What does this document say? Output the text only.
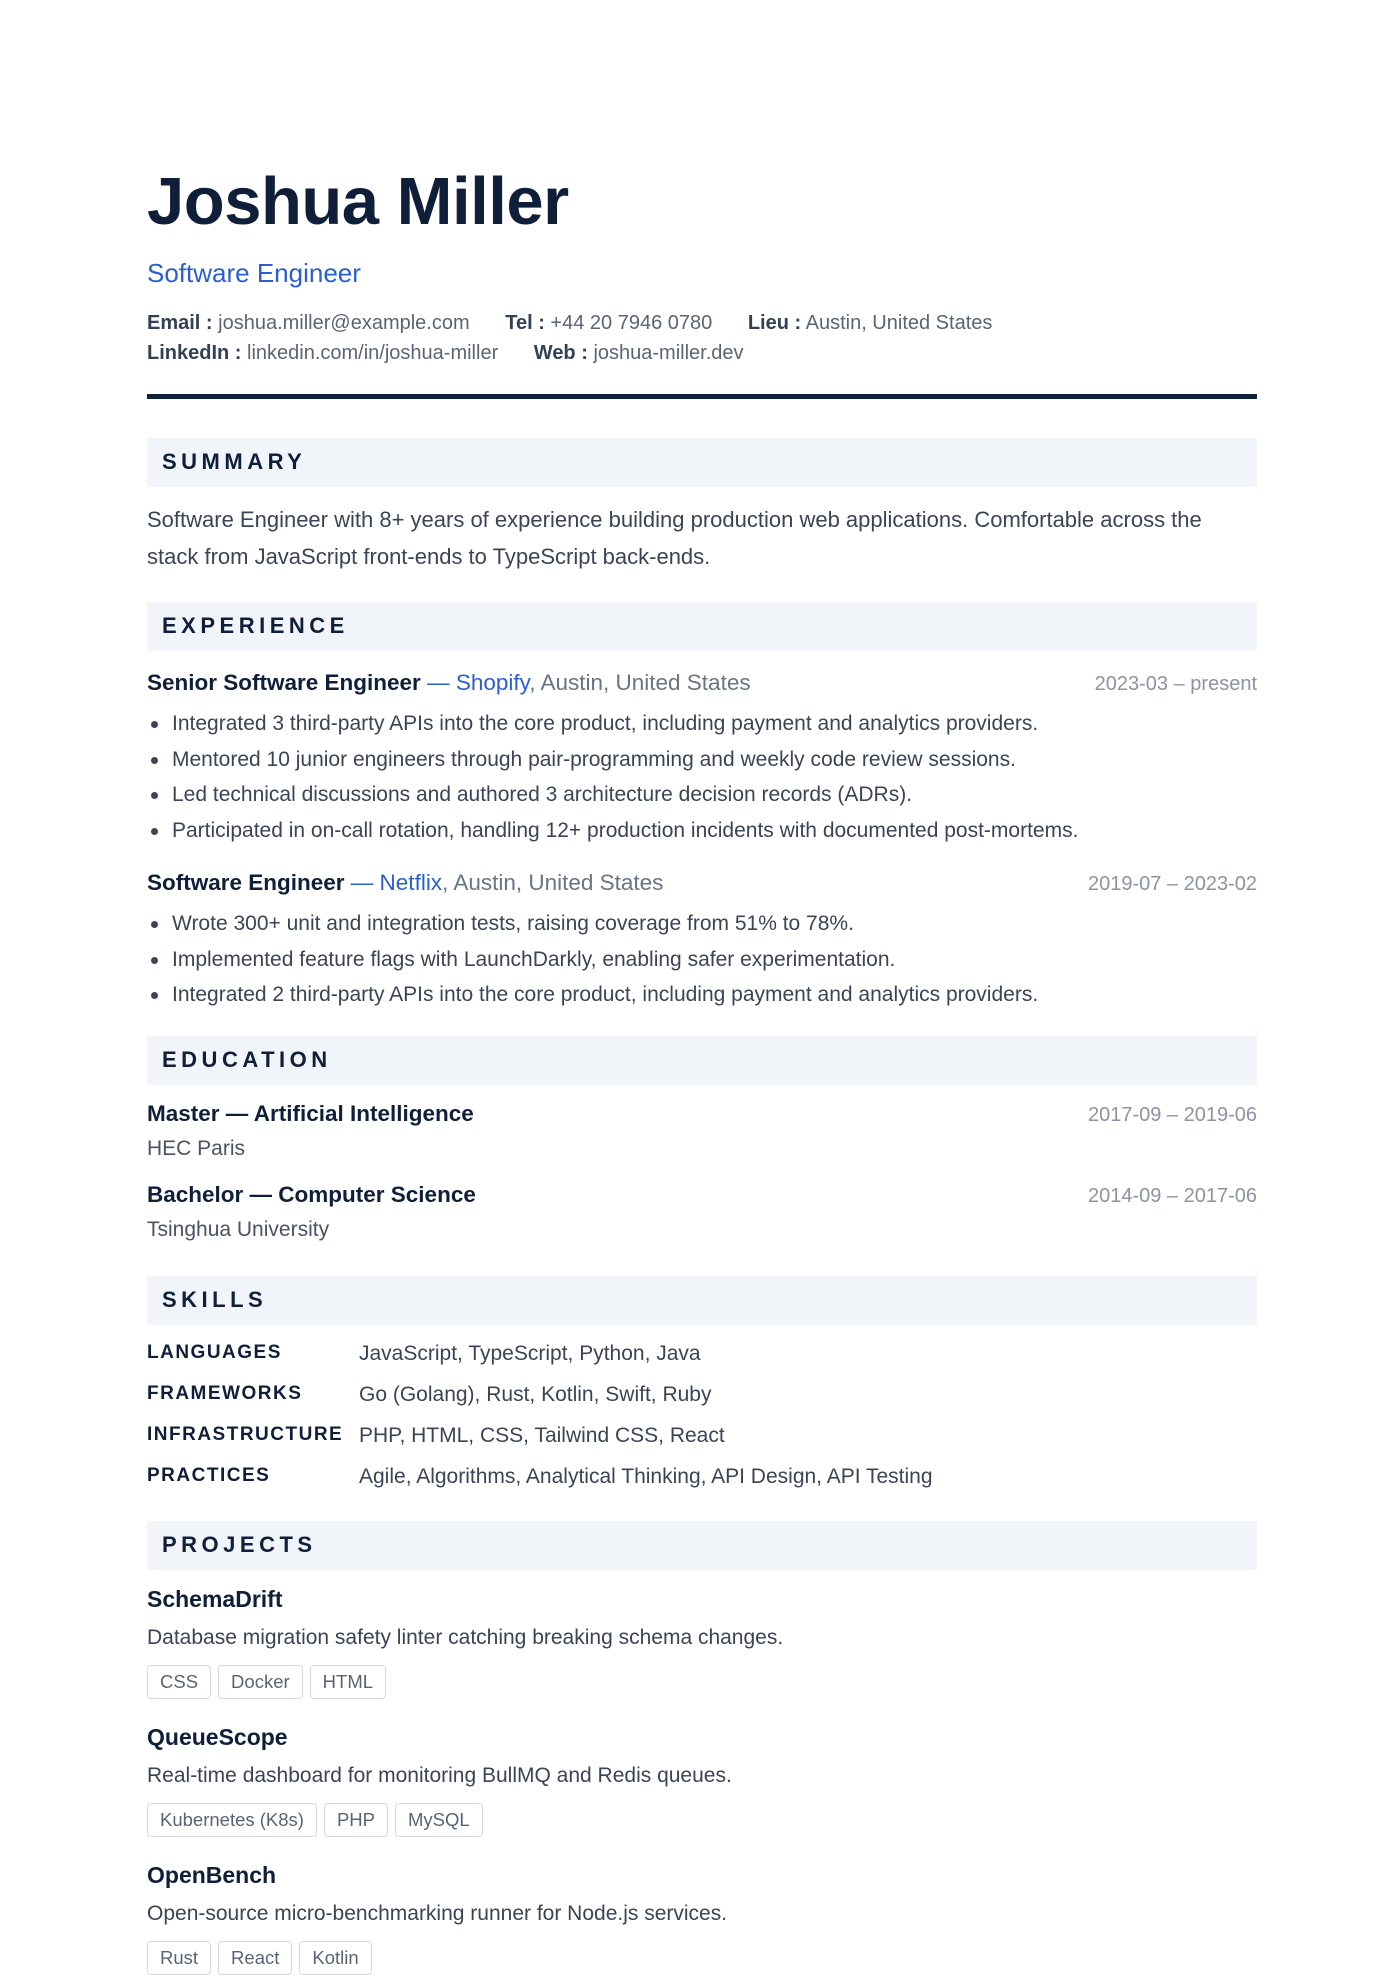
Joshua Miller
Software Engineer
Email : joshua.miller@example.com Tel : +44 20 7946 0780 Lieu : Austin, United States
LinkedIn : linkedin.com/in/joshua-miller Web : joshua-miller.dev
SUMMARY

Software Engineer with 8+ years of experience building production web applications. Comfortable across the stack from JavaScript front-ends to TypeScript back-ends.

EXPERIENCE
Senior Software Engineer — Shopify, Austin, United States	2023-03 – present
Integrated 3 third-party APIs into the core product, including payment and analytics providers.
Mentored 10 junior engineers through pair-programming and weekly code review sessions.
Led technical discussions and authored 3 architecture decision records (ADRs).
Participated in on-call rotation, handling 12+ production incidents with documented post-mortems.
Software Engineer — Netflix, Austin, United States	2019-07 – 2023-02
Wrote 300+ unit and integration tests, raising coverage from 51% to 78%.
Implemented feature flags with LaunchDarkly, enabling safer experimentation.
Integrated 2 third-party APIs into the core product, including payment and analytics providers.
EDUCATION
Master — Artificial Intelligence	2017-09 – 2019-06
HEC Paris
Bachelor — Computer Science	2014-09 – 2017-06
Tsinghua University
SKILLS
LANGUAGES	JavaScript, TypeScript, Python, Java
FRAMEWORKS	Go (Golang), Rust, Kotlin, Swift, Ruby
INFRASTRUCTURE PHP, HTML, CSS, Tailwind CSS, React
PRACTICES	Agile, Algorithms, Analytical Thinking, API Design, API Testing
PROJECTS
SchemaDrift
Database migration safety linter catching breaking schema changes.
CSS	Docker	HTML
QueueScope
Real-time dashboard for monitoring BullMQ and Redis queues.
Kubernetes (K8s)	PHP	MySQL
OpenBench
Open-source micro-benchmarking runner for Node.js services.
Rust	React	Kotlin
